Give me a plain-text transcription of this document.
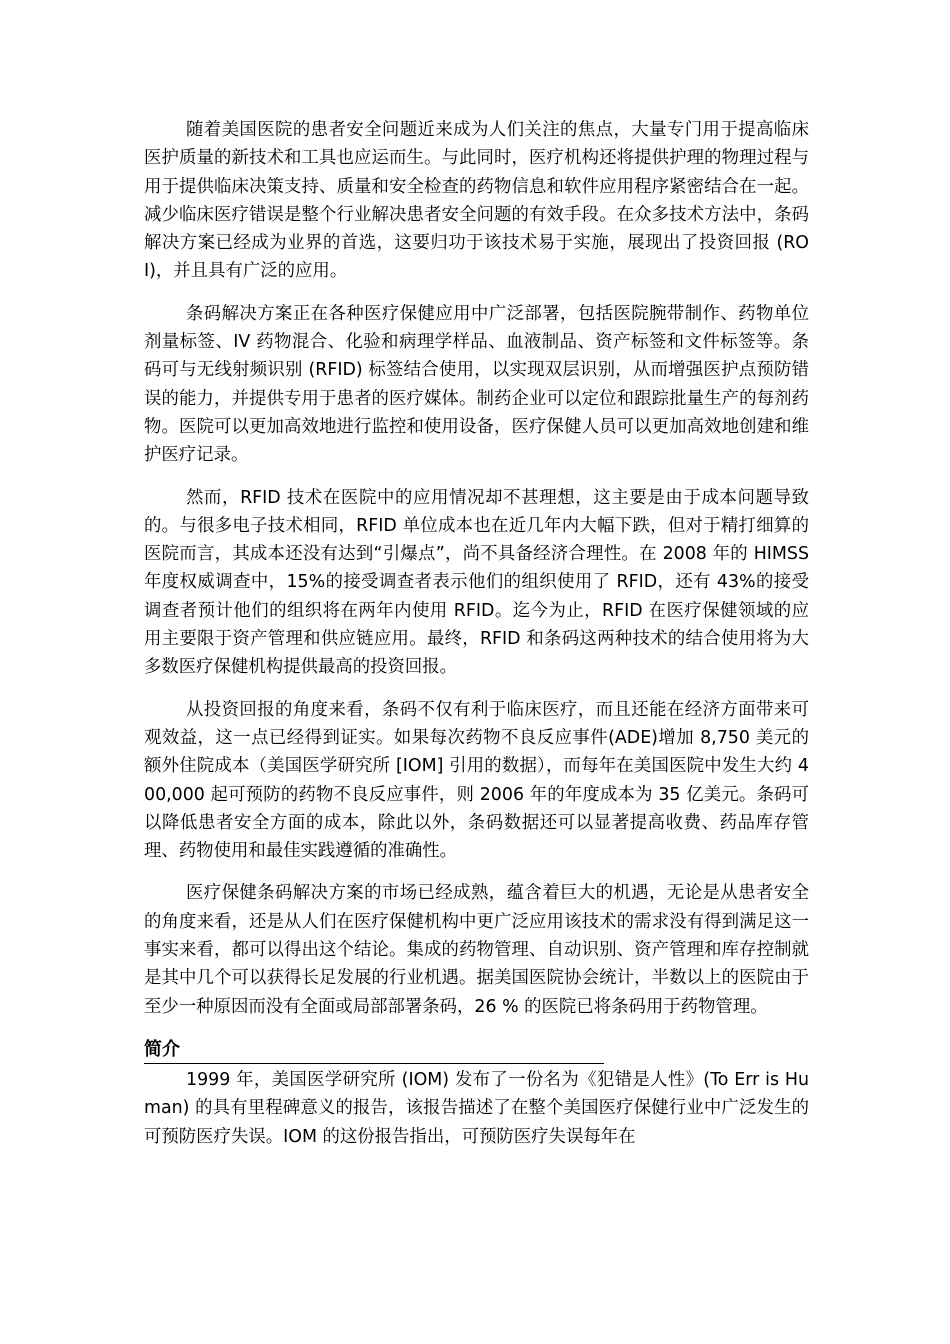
随着美国医院的患者安全问题近来成为人们关注的焦点，大量专门用于提高临床医护质量的新技术和工具也应运而生。与此同时，医疗机构还将提供护理的物理过程与用于提供临床决策支持、质量和安全检查的药物信息和软件应用程序紧密结合在一起。减少临床医疗错误是整个行业解决患者安全问题的有效手段。在众多技术方法中，条码解决方案已经成为业界的首选，这要归功于该技术易于实施，展现出了投资回报 (ROI)，并且具有广泛的应用。

条码解决方案正在各种医疗保健应用中广泛部署，包括医院腕带制作、药物单位剂量标签、IV 药物混合、化验和病理学样品、血液制品、资产标签和文件标签等。条码可与无线射频识别 (RFID) 标签结合使用，以实现双层识别，从而增强医护点预防错误的能力，并提供专用于患者的医疗媒体。制药企业可以定位和跟踪批量生产的每剂药物。医院可以更加高效地进行监控和使用设备，医疗保健人员可以更加高效地创建和维护医疗记录。

然而，RFID 技术在医院中的应用情况却不甚理想，这主要是由于成本问题导致的。与很多电子技术相同，RFID 单位成本也在近几年内大幅下跌，但对于精打细算的医院而言，其成本还没有达到“引爆点”，尚不具备经济合理性。在 2008 年的 HIMSS 年度权威调查中，15%的接受调查者表示他们的组织使用了 RFID，还有 43%的接受调查者预计他们的组织将在两年内使用 RFID。迄今为止，RFID 在医疗保健领域的应用主要限于资产管理和供应链应用。最终，RFID 和条码这两种技术的结合使用将为大多数医疗保健机构提供最高的投资回报。

从投资回报的角度来看，条码不仅有利于临床医疗，而且还能在经济方面带来可观效益，这一点已经得到证实。如果每次药物不良反应事件(ADE)增加 8,750 美元的额外住院成本（美国医学研究所 [IOM] 引用的数据），而每年在美国医院中发生大约 400,000 起可预防的药物不良反应事件，则 2006 年的年度成本为 35 亿美元。条码可以降低患者安全方面的成本，除此以外，条码数据还可以显著提高收费、药品库存管理、药物使用和最佳实践遵循的准确性。

医疗保健条码解决方案的市场已经成熟，蕴含着巨大的机遇，无论是从患者安全的角度来看，还是从人们在医疗保健机构中更广泛应用该技术的需求没有得到满足这一事实来看，都可以得出这个结论。集成的药物管理、自动识别、资产管理和库存控制就是其中几个可以获得长足发展的行业机遇。据美国医院协会统计，半数以上的医院由于至少一种原因而没有全面或局部部署条码，26 % 的医院已将条码用于药物管理。

简介

1999 年，美国医学研究所 (IOM) 发布了一份名为《犯错是人性》(To Err is Human) 的具有里程碑意义的报告，该报告描述了在整个美国医疗保健行业中广泛发生的可预防医疗失误。IOM 的这份报告指出，可预防医疗失误每年在
